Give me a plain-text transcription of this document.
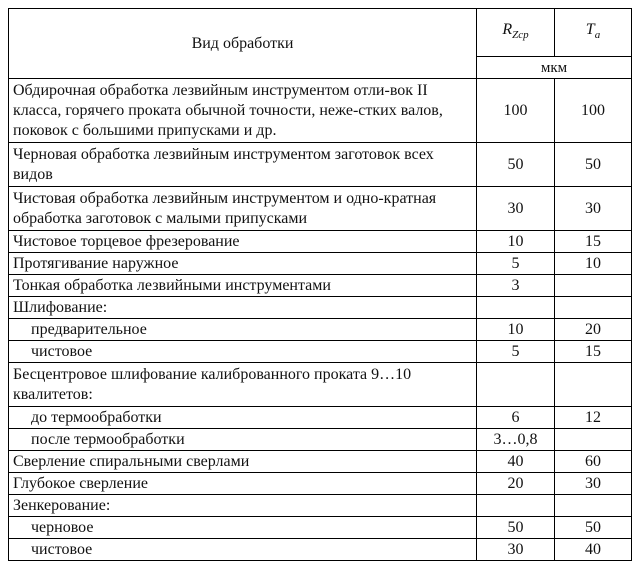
Вид обработки	$R_{Zcp}$	$T_a$
	мкм	
Обдирочная обработка лезвийным инструментом отли-вок II класса, горячего проката обычной точности, неже-стких валов, поковок с большими припусками и др.	100	100
Черновая обработка лезвийным инструментом заготовок всех видов	50	50
Чистовая обработка лезвийным инструментом и одно-кратная обработка заготовок с малыми припусками	30	30
Чистовое торцевое фрезерование	10	15
Протягивание наружное	5	10
Тонкая обработка лезвийными инструментами	3	
Шлифование:		
предварительное	10	20
чистовое	5	15
Бесцентровое шлифование калиброванного проката 9…10 квалитетов:		
до термообработки	6	12
после термообработки	3…0,8	
Сверление спиральными сверлами	40	60
Глубокое сверление	20	30
Зенкерование:		
черновое	50	50
чистовое	30	40
